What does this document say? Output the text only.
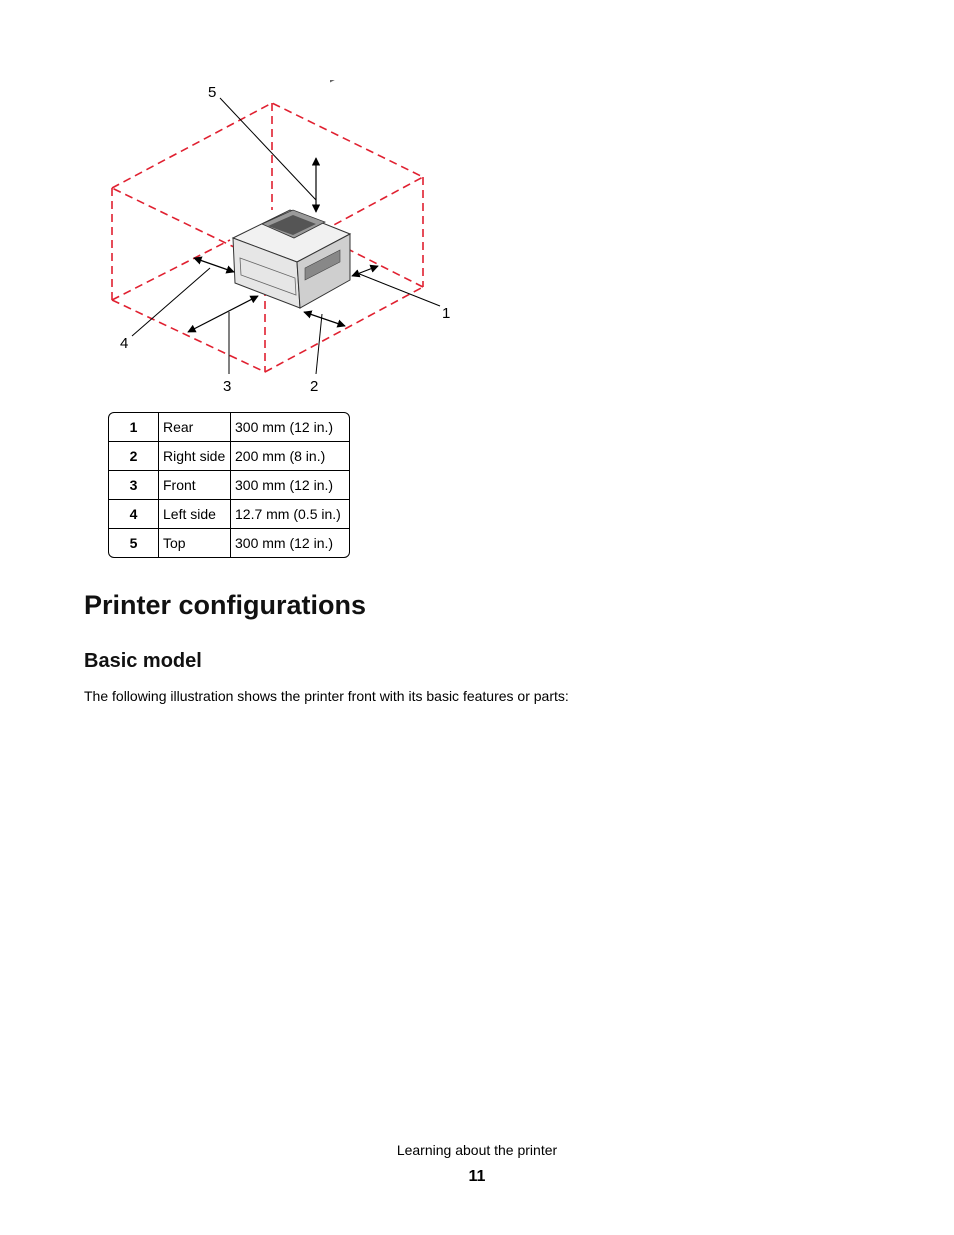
5
1
4
3	2
1	Rear	300 mm (12 in.)
2	Right side	200 mm (8 in.)
3	Front	300 mm (12 in.)
4	Left side	12.7 mm (0.5 in.)
5	Top	300 mm (12 in.)
Printer configurations
Basic model

The following illustration shows the printer front with its basic features or parts:

Learning about the printer
11
